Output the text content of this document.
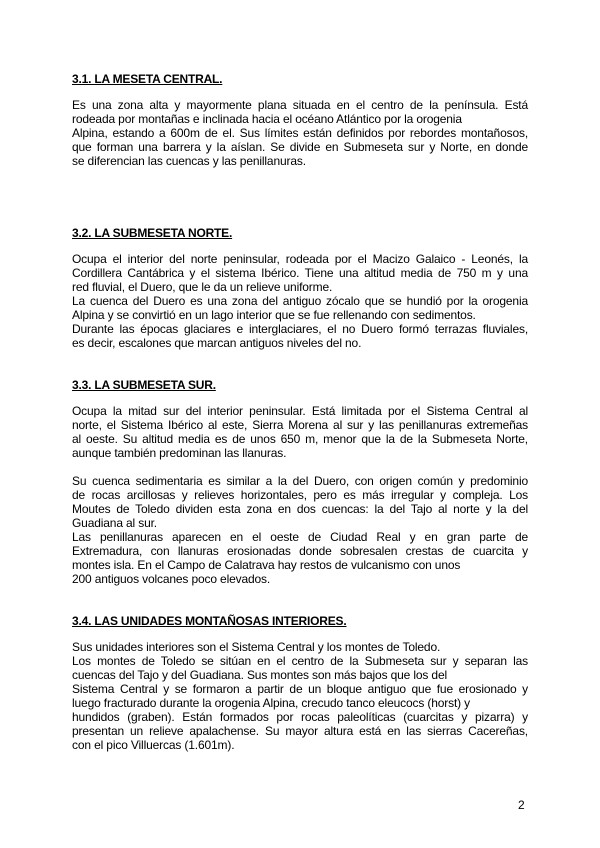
3.1. LA MESETA CENTRAL.

Es una zona alta y mayormente plana situada en el centro de la península. Está
rodeada por montañas e inclinada hacia el océano Atlántico por la orogenia
Alpina, estando a 600m de el. Sus límites están definidos por rebordes montañosos,
que forman una barrera y la aíslan. Se divide en Submeseta sur y Norte, en donde
se diferencian las cuencas y las penillanuras.

3.2. LA SUBMESETA NORTE.

Ocupa el interior del norte peninsular, rodeada por el Macizo Galaico - Leonés, la
Cordillera Cantábrica y el sistema Ibérico. Tiene una altitud media de 750 m y una
red fluvial, el Duero, que le da un relieve uniforme.
La cuenca del Duero es una zona del antiguo zócalo que se hundió por la orogenia
Alpina y se convirtió en un lago interior que se fue rellenando con sedimentos.
Durante las épocas glaciares e interglaciares, el no Duero formó terrazas fluviales,
es decir, escalones que marcan antiguos niveles del no.

3.3. LA SUBMESETA SUR.

Ocupa la mitad sur del interior peninsular. Está limitada por el Sistema Central al
norte, el Sistema Ibérico al este, Sierra Morena al sur y las penillanuras extremeñas
al oeste. Su altitud media es de unos 650 m, menor que la de la Submeseta Norte,
aunque también predominan las llanuras.

Su cuenca sedimentaria es similar a la del Duero, con origen común y predominio
de rocas arcillosas y relieves horizontales, pero es más irregular y compleja. Los
Moutes de Toledo dividen esta zona en dos cuencas: la del Tajo al norte y la del
Guadiana al sur.
Las penillanuras aparecen en el oeste de Ciudad Real y en gran parte de
Extremadura, con llanuras erosionadas donde sobresalen crestas de cuarcita y
montes isla. En el Campo de Calatrava hay restos de vulcanismo con unos
200 antiguos volcanes poco elevados.

3.4. LAS UNIDADES MONTAÑOSAS INTERIORES.

Sus unidades interiores son el Sistema Central y los montes de Toledo.
Los montes de Toledo se sitúan en el centro de la Submeseta sur y separan las
cuencas del Tajo y del Guadiana. Sus montes son más bajos que los del
Sistema Central y se formaron a partir de un bloque antiguo que fue erosionado y
luego fracturado durante la orogenia Alpina, crecudo tanco eleucocs (horst) y
hundidos (graben). Están formados por rocas paleolíticas (cuarcitas y pizarra) y
presentan un relieve apalachense. Su mayor altura está en las sierras Cacereñas,
con el pico Villuercas (1.601m).

2
